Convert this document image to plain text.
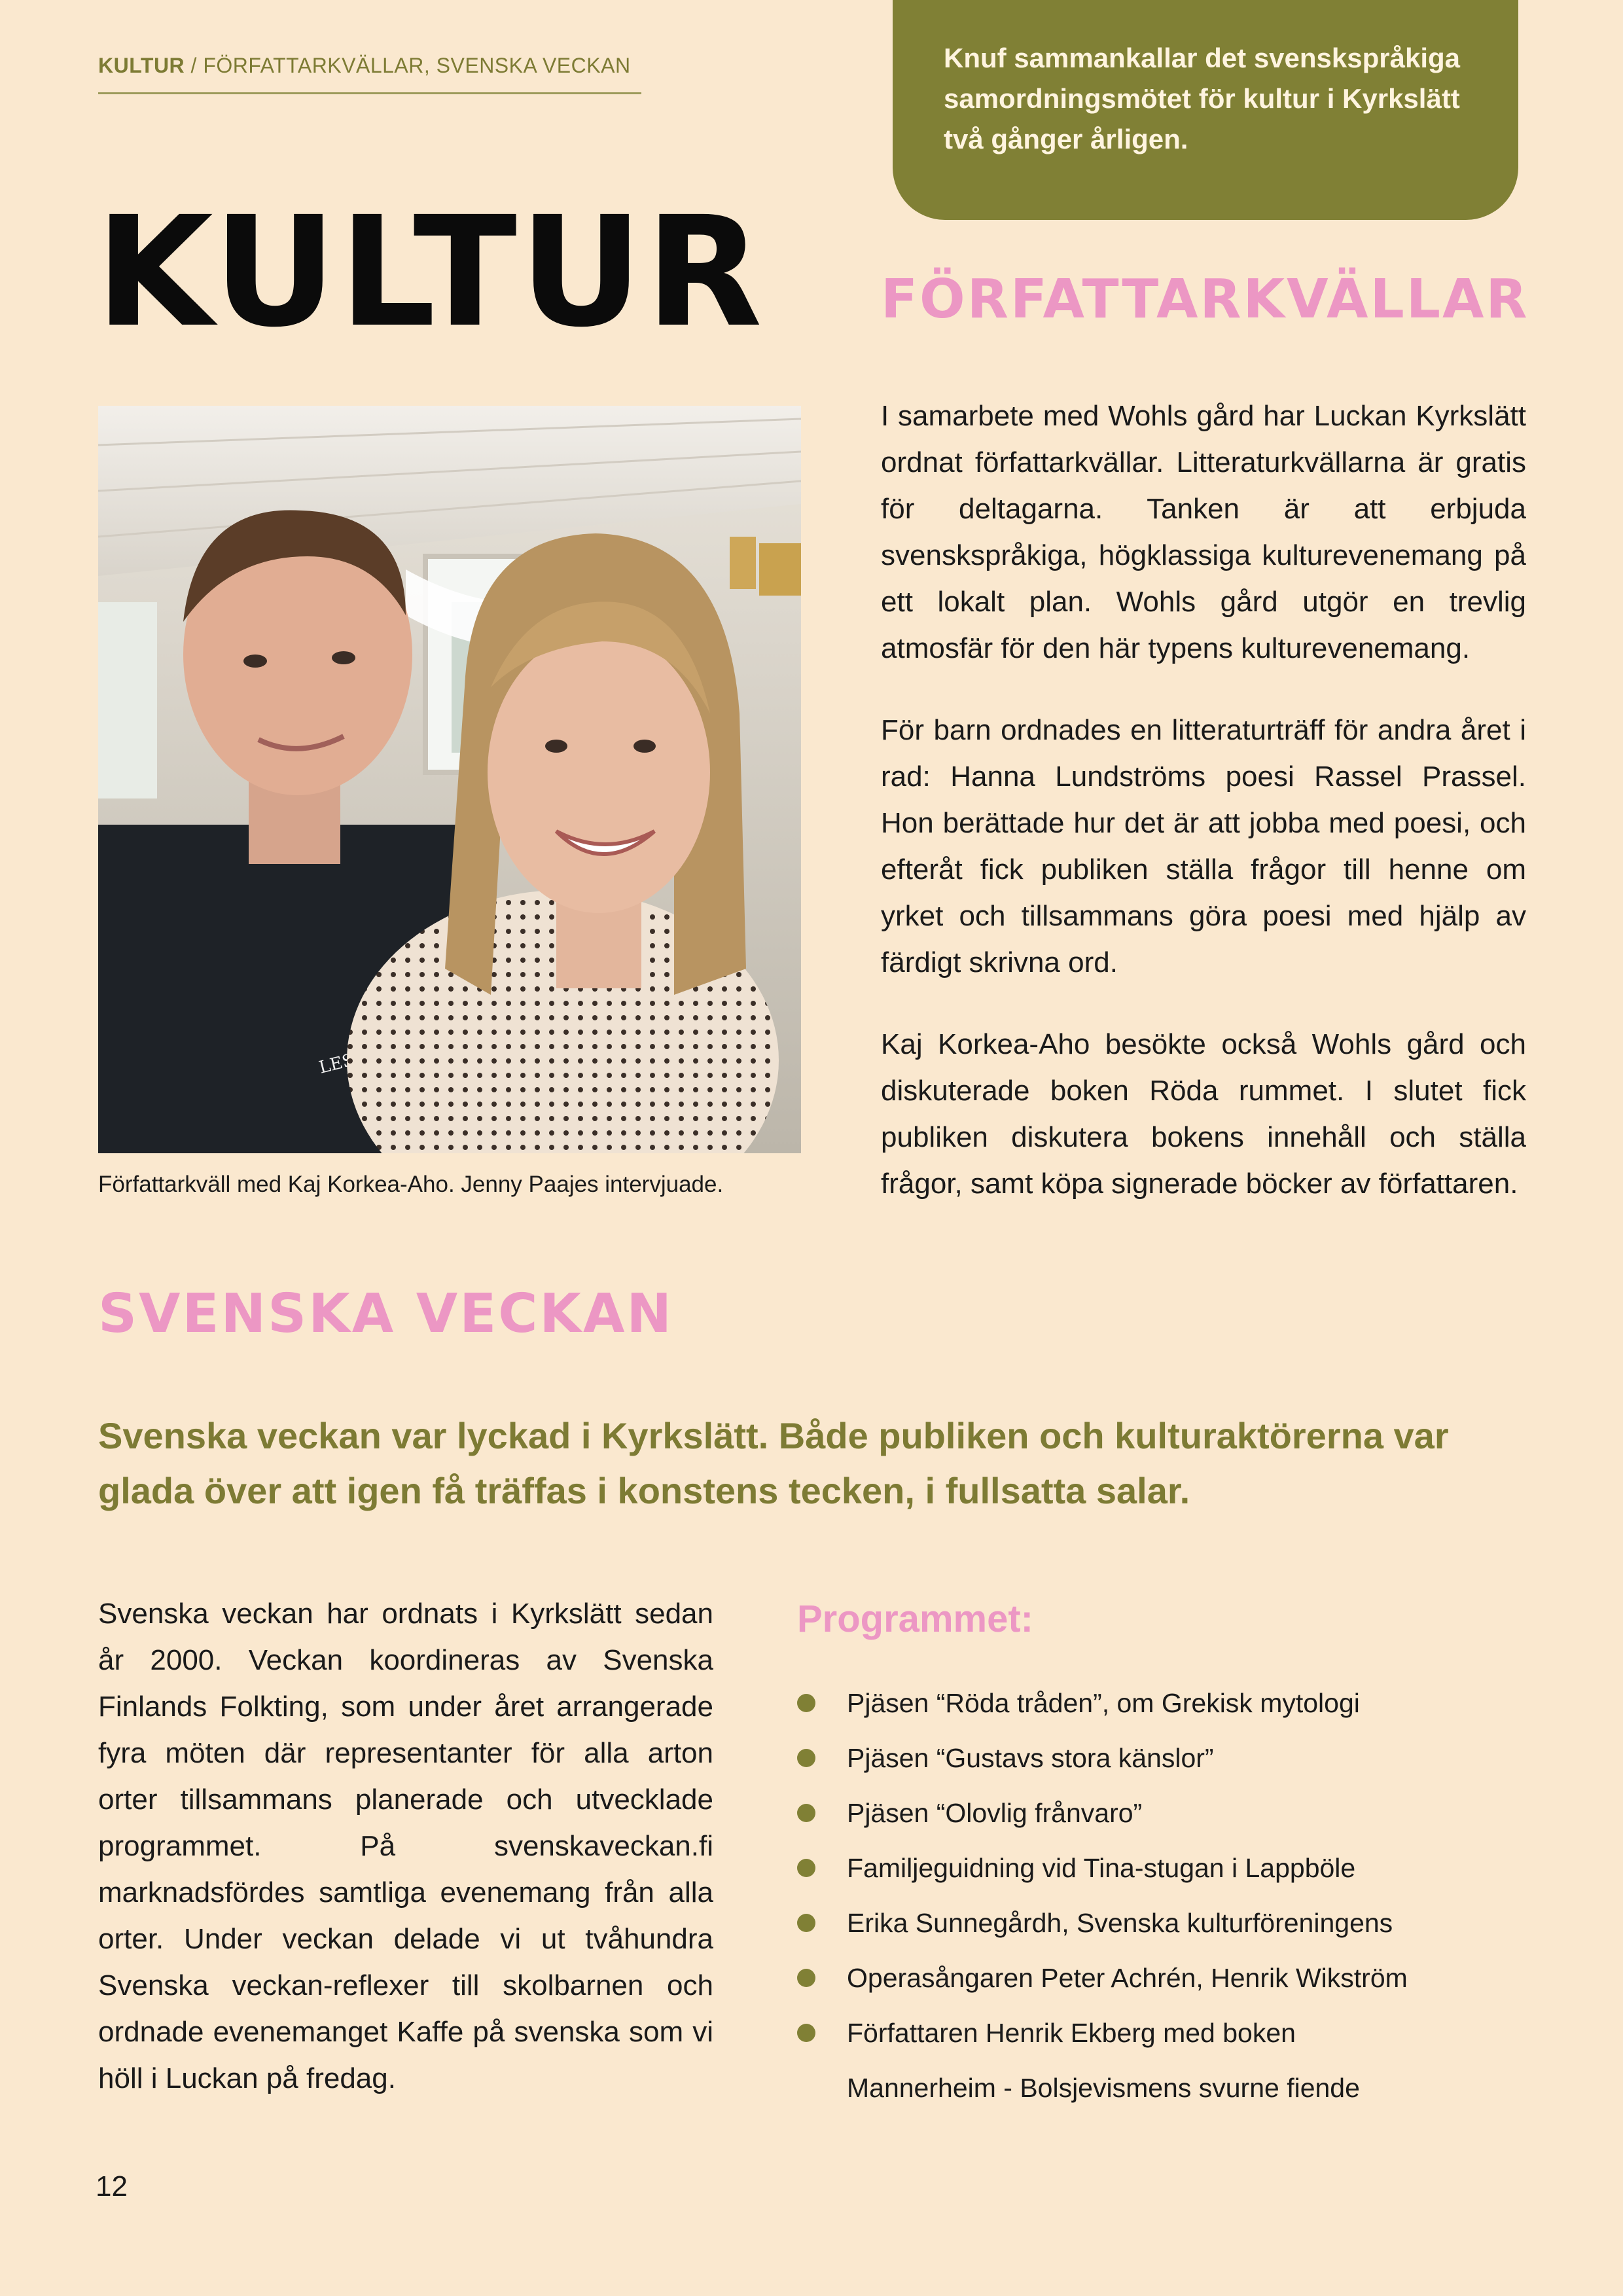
KULTUR / FÖRFATTARKVÄLLAR, SVENSKA VECKAN	Knuf sammankallar det svenskspråkiga samordningsmötet för kultur i Kyrkslätt två gånger årligen.
KULTUR FÖRFATTARKVÄLLAR
LES
Författarkväll med Kaj Korkea-Aho. Jenny Paajes intervjuade.

I samarbete med Wohls gård har Luckan Kyrkslätt ordnat författarkvällar. Litteraturkvällarna är gratis för deltagarna. Tanken är att erbjuda svenskspråkiga, högklassiga kulturevenemang på ett lokalt plan. Wohls gård utgör en trevlig atmosfär för den här typens kulturevenemang.

För barn ordnades en litteraturträff för andra året i rad: Hanna Lundströms poesi Rassel Prassel. Hon berättade hur det är att jobba med poesi, och efteråt fick publiken ställa frågor till henne om yrket och tillsammans göra poesi med hjälp av färdigt skrivna ord.

Kaj Korkea-Aho besökte också Wohls gård och diskuterade boken Röda rummet. I slutet fick publiken diskutera bokens innehåll och ställa frågor, samt köpa signerade böcker av författaren.

SVENSKA VECKAN

Svenska veckan var lyckad i Kyrkslätt. Både publiken och kulturaktörerna var glada över att igen få träffas i konstens tecken, i fullsatta salar.

Svenska veckan har ordnats i Kyrkslätt sedan år 2000. Veckan koordineras av Svenska Finlands Folkting, som under året arrangerade fyra möten där representanter för alla arton orter tillsammans planerade och utvecklade programmet. På svenskaveckan.fi marknadsfördes samtliga evenemang från alla orter. Under veckan delade vi ut tvåhundra Svenska veckan-reflexer till skolbarnen och ordnade evenemanget Kaffe på svenska som vi höll i Luckan på fredag.

Programmet:
Pjäsen “Röda tråden”, om Grekisk mytologi
Pjäsen “Gustavs stora känslor”
Pjäsen “Olovlig frånvaro”
Familjeguidning vid Tina-stugan i Lappböle
Erika Sunnegårdh, Svenska kulturföreningens
Operasångaren Peter Achrén, Henrik Wikström
Författaren Henrik Ekberg med boken
Mannerheim - Bolsjevismens svurne fiende
12
